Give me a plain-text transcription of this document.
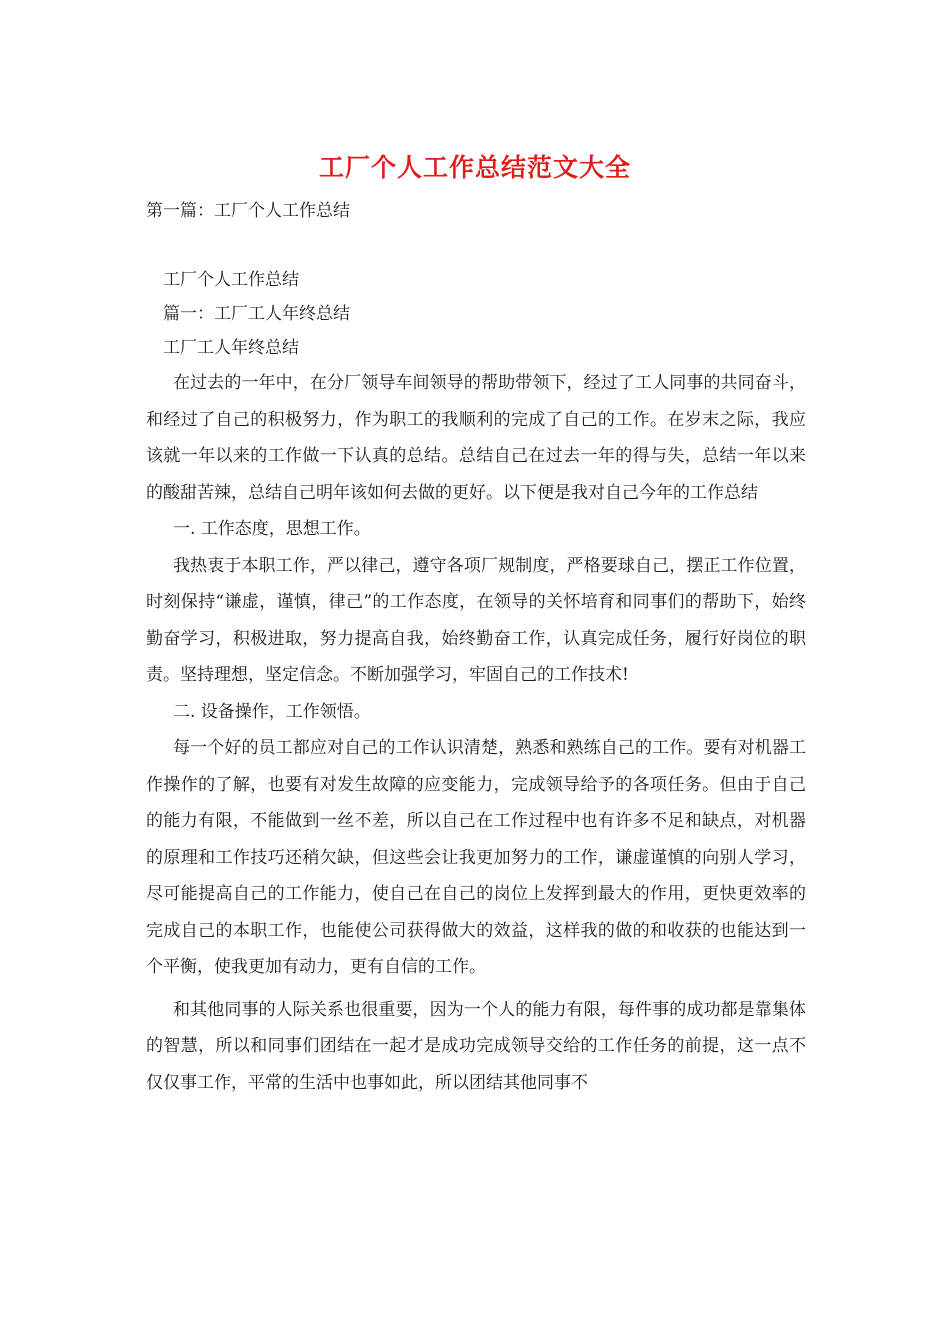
工厂个人工作总结范文大全
第一篇：工厂个人工作总结

工厂个人工作总结

篇一：工厂工人年终总结

工厂工人年终总结

在过去的一年中，在分厂领导车间领导的帮助带领下，经过了工人同事的共同奋斗，和经过了自己的积极努力，作为职工的我顺利的完成了自己的工作。在岁末之际，我应该就一年以来的工作做一下认真的总结。总结自己在过去一年的得与失，总结一年以来的酸甜苦辣，总结自己明年该如何去做的更好。以下便是我对自己今年的工作总结

一. 工作态度，思想工作。

我热衷于本职工作，严以律己，遵守各项厂规制度，严格要球自己，摆正工作位置，时刻保持“谦虚，谨慎，律己”的工作态度，在领导的关怀培育和同事们的帮助下，始终勤奋学习，积极进取，努力提高自我，始终勤奋工作，认真完成任务，履行好岗位的职责。坚持理想，坚定信念。不断加强学习，牢固自己的工作技术!

二. 设备操作，工作领悟。

每一个好的员工都应对自己的工作认识清楚，熟悉和熟练自己的工作。要有对机器工作操作的了解，也要有对发生故障的应变能力，完成领导给予的各项任务。但由于自己的能力有限，不能做到一丝不差，所以自己在工作过程中也有许多不足和缺点，对机器的原理和工作技巧还稍欠缺，但这些会让我更加努力的工作，谦虚谨慎的向别人学习，尽可能提高自己的工作能力，使自己在自己的岗位上发挥到最大的作用，更快更效率的完成自己的本职工作，也能使公司获得做大的效益，这样我的做的和收获的也能达到一个平衡，使我更加有动力，更有自信的工作。

和其他同事的人际关系也很重要，因为一个人的能力有限，每件事的成功都是靠集体的智慧，所以和同事们团结在一起才是成功完成领导交给的工作任务的前提，这一点不仅仅事工作，平常的生活中也事如此，所以团结其他同事不
